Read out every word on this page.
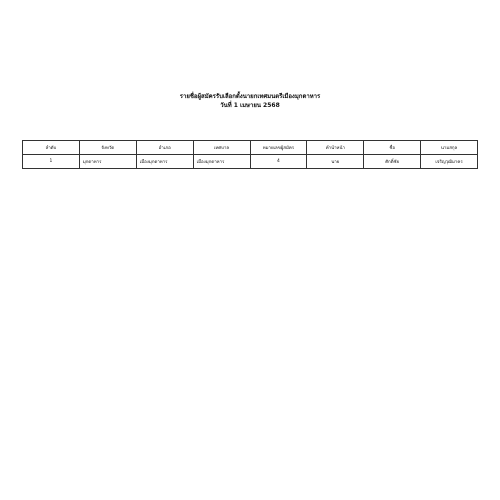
รายชื่อผู้สมัครรับเลือกตั้งนายกเทศมนตรีเมืองมุกดาหาร
วันที่ 1 เมษายน 2568
ลำดับ	จังหวัด	อำเภอ	เทศบาล	หมายเลขผู้สมัคร	คำนำหน้า	ชื่อ	นามสกุล
1	มุกดาหาร	เมืองมุกดาหาร	เมืองมุกดาหาร	4	นาย	ศักดิ์ชัย	เจริญวุฒิมาคร
